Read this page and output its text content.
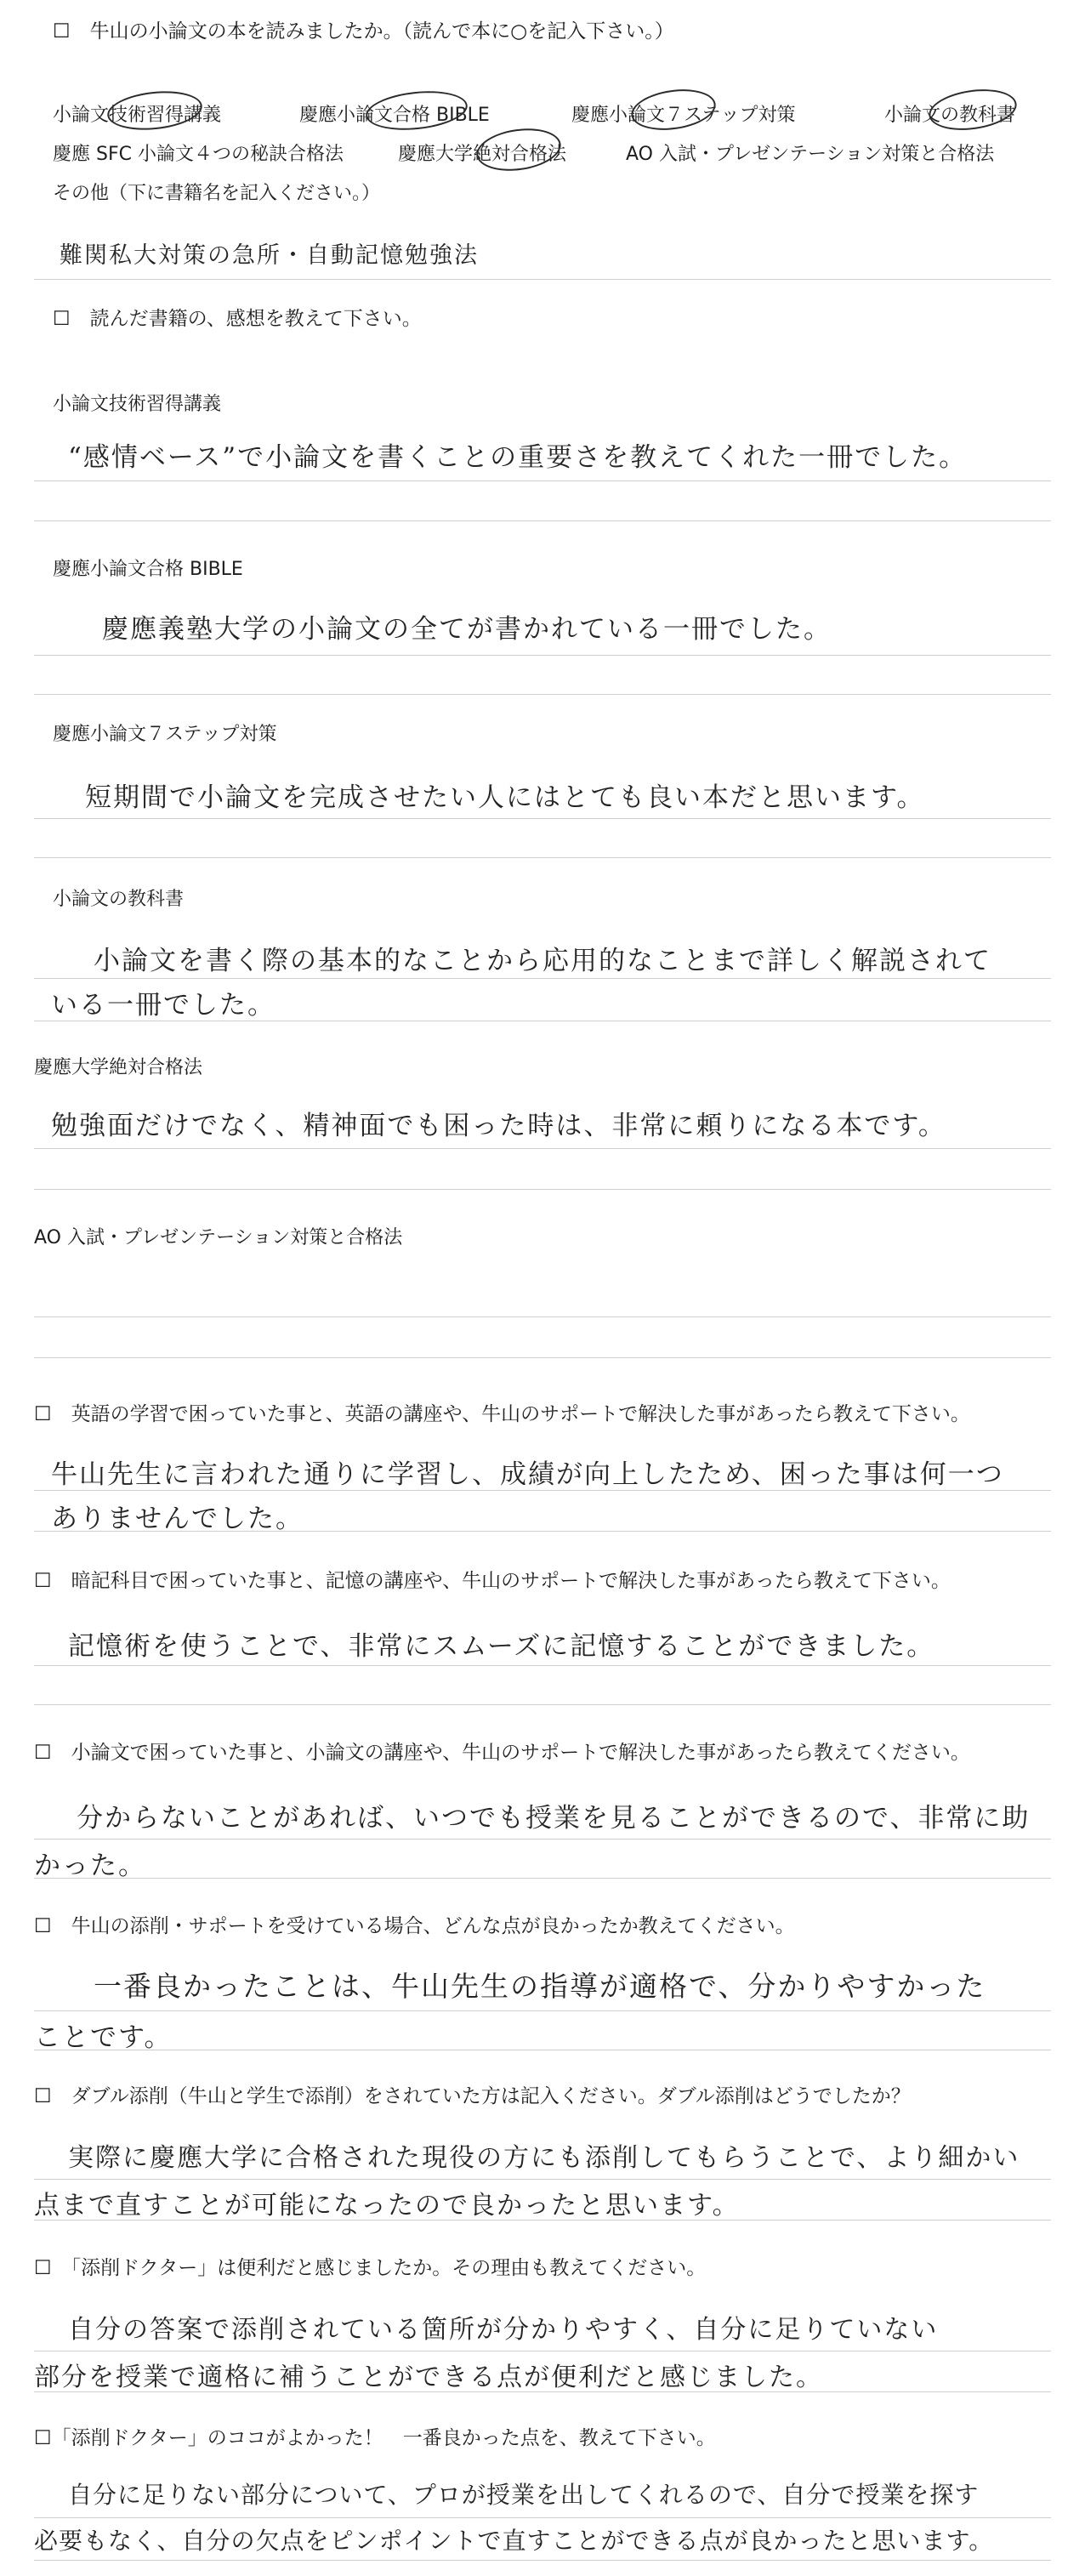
☐　牛山の小論文の本を読みましたか。（読んで本に○を記入下さい。）
小論文技術習得講義	慶應小論文合格 BIBLE	慶應小論文７ステップ対策	小論文の教科書
慶應 SFC 小論文４つの秘訣合格法	慶應大学絶対合格法	AO 入試・プレゼンテーション対策と合格法
その他（下に書籍名を記入ください。）
難関私大対策の急所・自動記憶勉強法
☐　読んだ書籍の、感想を教えて下さい。
小論文技術習得講義
“感情ベース”で小論文を書くことの重要さを教えてくれた一冊でした。
慶應小論文合格 BIBLE
慶應義塾大学の小論文の全てが書かれている一冊でした。
慶應小論文７ステップ対策
短期間で小論文を完成させたい人にはとても良い本だと思います。
小論文の教科書
小論文を書く際の基本的なことから応用的なことまで詳しく解説されて
いる一冊でした。
慶應大学絶対合格法
勉強面だけでなく、精神面でも困った時は、非常に頼りになる本です。
AO 入試・プレゼンテーション対策と合格法
☐　英語の学習で困っていた事と、英語の講座や、牛山のサポートで解決した事があったら教えて下さい。
牛山先生に言われた通りに学習し、成績が向上したため、困った事は何一つ
ありませんでした。
☐　暗記科目で困っていた事と、記憶の講座や、牛山のサポートで解決した事があったら教えて下さい。
記憶術を使うことで、非常にスムーズに記憶することができました。
☐　小論文で困っていた事と、小論文の講座や、牛山のサポートで解決した事があったら教えてください。
分からないことがあれば、いつでも授業を見ることができるので、非常に助
かった。
☐　牛山の添削・サポートを受けている場合、どんな点が良かったか教えてください。
一番良かったことは、牛山先生の指導が適格で、分かりやすかった
ことです。
☐　ダブル添削（牛山と学生で添削）をされていた方は記入ください。ダブル添削はどうでしたか？
実際に慶應大学に合格された現役の方にも添削してもらうことで、より細かい
点まで直すことが可能になったので良かったと思います。
☐　「添削ドクター」は便利だと感じましたか。その理由も教えてください。
自分の答案で添削されている箇所が分かりやすく、自分に足りていない
部分を授業で適格に補うことができる点が便利だと感じました。
☐「添削ドクター」のココがよかった！　一番良かった点を、教えて下さい。
自分に足りない部分について、プロが授業を出してくれるので、自分で授業を探す
必要もなく、自分の欠点をピンポイントで直すことができる点が良かったと思います。
